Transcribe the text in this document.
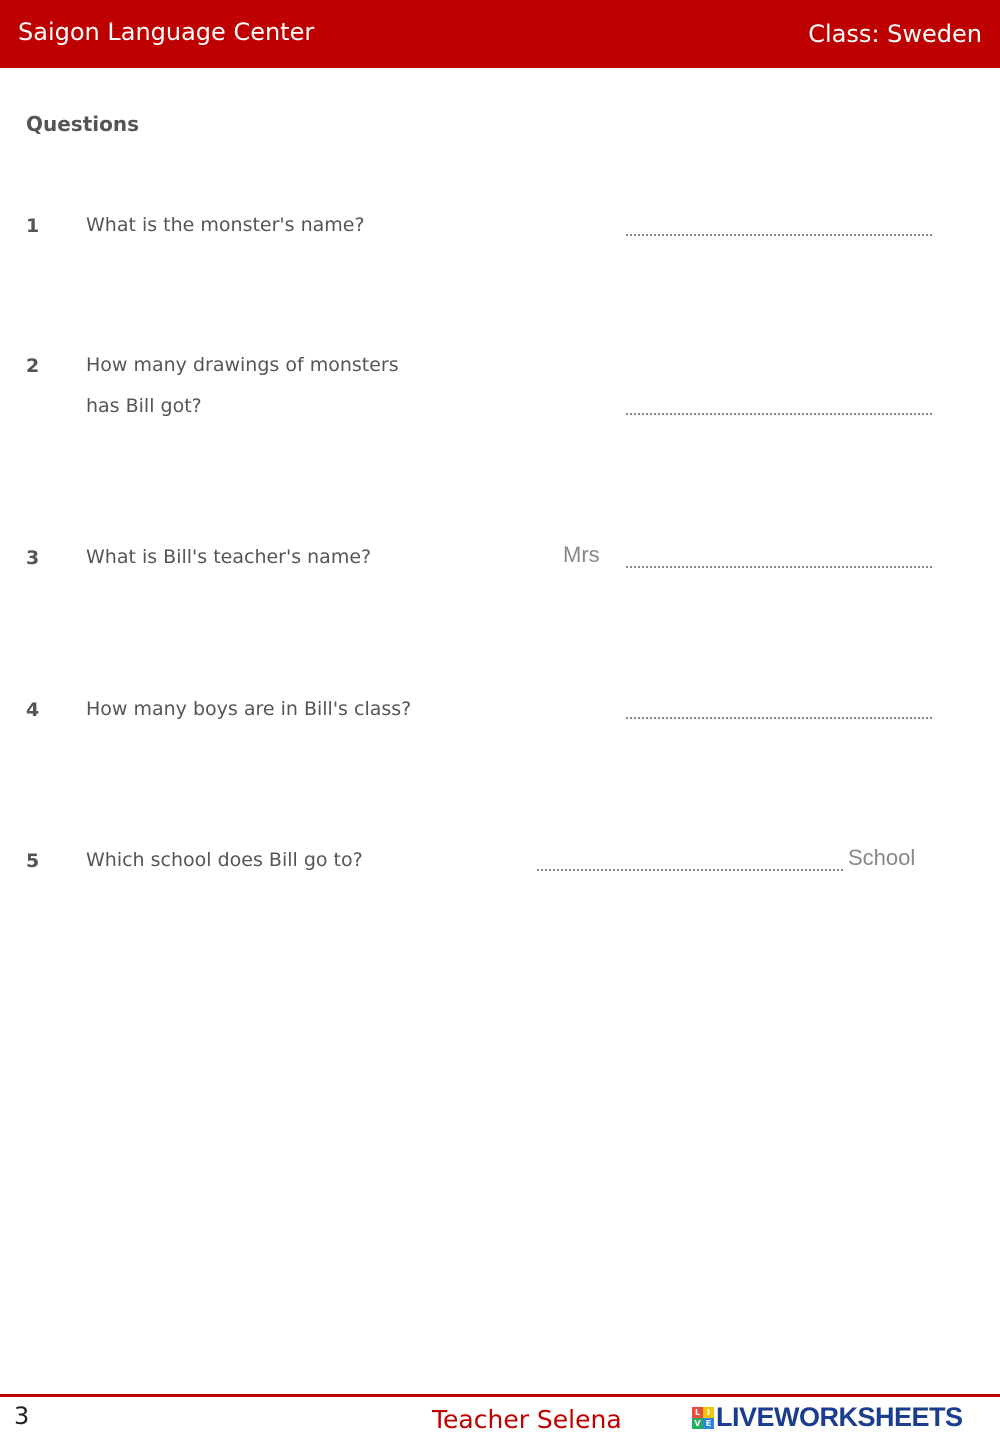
Saigon Language Center	Class: Sweden
Questions
1 What is the monster's name?
2 How many drawings of monsters
has Bill got?
3 What is Bill's teacher's name?	Mrs
4 How many boys are in Bill's class?
5 Which school does Bill go to?	School
3	Teacher Selena	L I
V E LIVEWORKSHEETS
